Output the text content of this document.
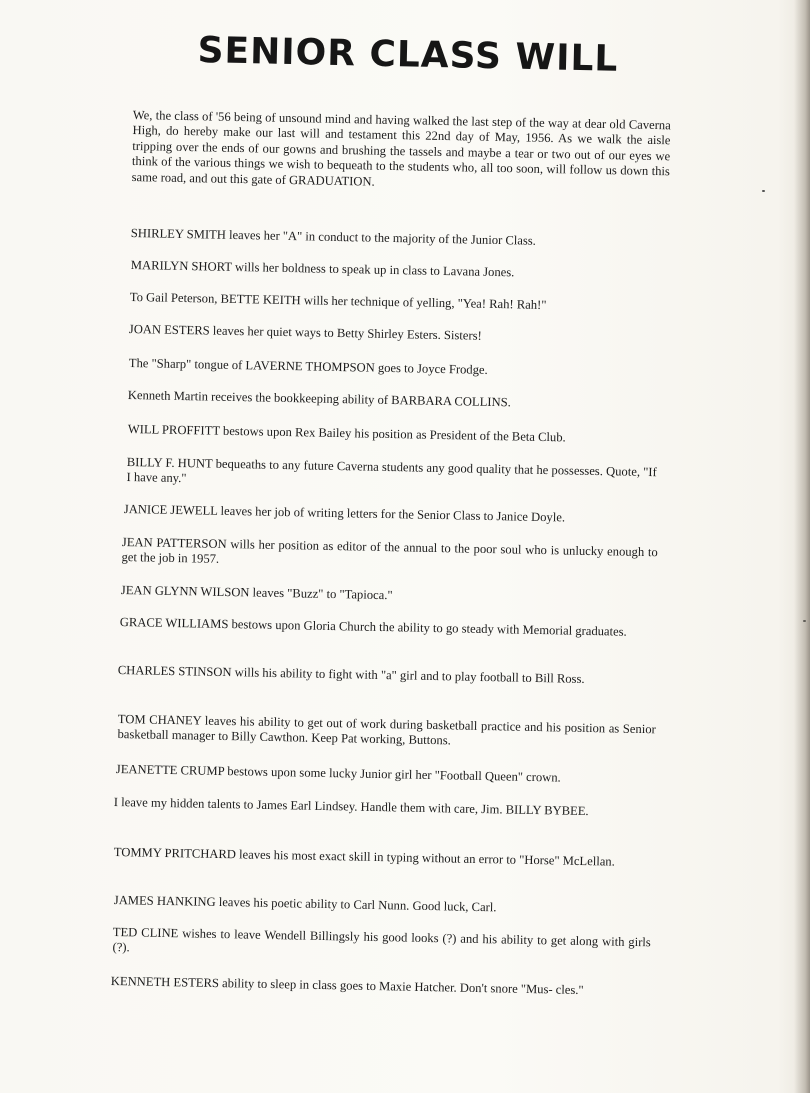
SENIOR CLASS WILL

We, the class of '56 being of unsound mind and having walked the last step of the way at dear old Caverna High, do hereby make our last will and testament this 22nd day of May, 1956. As we walk the aisle tripping over the ends of our gowns and brushing the tassels and maybe a tear or two out of our eyes we think of the various things we wish to bequeath to the students who, all too soon, will follow us down this same road, and out this gate of GRADUATION.

SHIRLEY SMITH leaves her "A" in conduct to the majority of the Junior Class.

MARILYN SHORT wills her boldness to speak up in class to Lavana Jones.

To Gail Peterson, BETTE KEITH wills her technique of yelling, "Yea! Rah! Rah!"

JOAN ESTERS leaves her quiet ways to Betty Shirley Esters. Sisters!

The "Sharp" tongue of LAVERNE THOMPSON goes to Joyce Frodge.

Kenneth Martin receives the bookkeeping ability of BARBARA COLLINS.

WILL PROFFITT bestows upon Rex Bailey his position as President of the Beta Club.

BILLY F. HUNT bequeaths to any future Caverna students any good quality that he possesses. Quote, "If I have any."

JANICE JEWELL leaves her job of writing letters for the Senior Class to Janice Doyle.

JEAN PATTERSON wills her position as editor of the annual to the poor soul who is unlucky enough to get the job in 1957.

JEAN GLYNN WILSON leaves "Buzz" to "Tapioca."

GRACE WILLIAMS bestows upon Gloria Church the ability to go steady with Memorial graduates.

CHARLES STINSON wills his ability to fight with "a" girl and to play football to Bill Ross.

TOM CHANEY leaves his ability to get out of work during basketball practice and his position as Senior basketball manager to Billy Cawthon. Keep Pat working, Buttons.

JEANETTE CRUMP bestows upon some lucky Junior girl her "Football Queen" crown.

I leave my hidden talents to James Earl Lindsey. Handle them with care, Jim. BILLY BYBEE.

TOMMY PRITCHARD leaves his most exact skill in typing without an error to "Horse" McLellan.

JAMES HANKING leaves his poetic ability to Carl Nunn. Good luck, Carl.

TED CLINE wishes to leave Wendell Billingsly his good looks (?) and his ability to get along with girls (?).

KENNETH ESTERS ability to sleep in class goes to Maxie Hatcher. Don't snore "Mus- cles."
